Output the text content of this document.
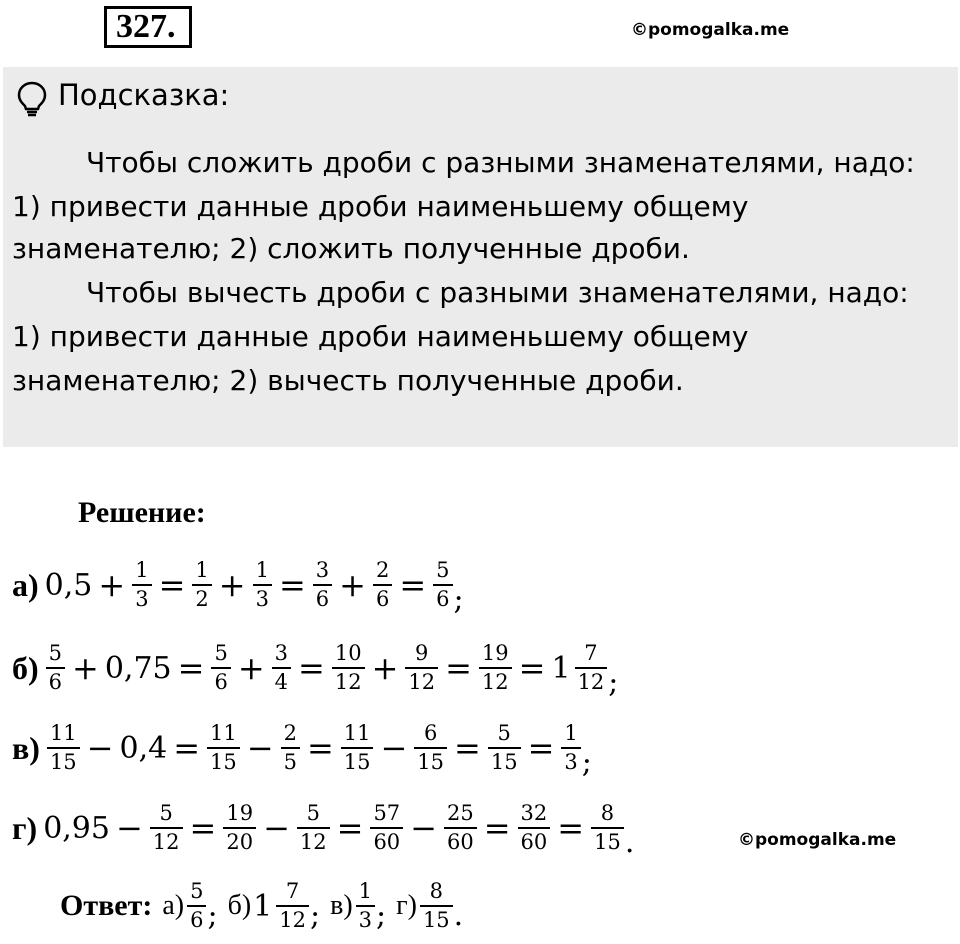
327.	©pomogalka.me
Подсказка:
Чтобы сложить дроби с разными знаменателями, надо:
1) привести данные дроби наименьшему общему
знаменателю; 2) сложить полученные дроби.
Чтобы вычесть дроби с разными знаменателями, надо:
1) привести данные дроби наименьшему общему
знаменателю; 2) вычесть полученные дроби.
Решение:
а) $0,5 + \frac{1}{3} = \frac{1}{2} + \frac{1}{3} = \frac{3}{6} + \frac{2}{6} = \frac{5}{6}$ ;
$б) \frac{5}{6} + 0,75 = \frac{5}{6} + \frac{3}{4} = \frac{10}{12} + \frac{9}{12} = \frac{19}{12} = 1 \frac{7}{12}$ ;
$в) \frac{11}{15} - 0,4 = \frac{11}{15} - \frac{2}{5} = \frac{11}{15} - \frac{6}{15} = \frac{5}{15} = \frac{1}{3}$ ;
г) $0,95 - \frac{5}{12} = \frac{19}{20} - \frac{5}{12} = \frac{57}{60} - \frac{25}{60} = \frac{32}{60} = \frac{8}{15}$ .	©pomogalka.me
Ответ: $а) \frac{5}{6}$ ; б) $1 \frac{7}{12}$ ; $в) \frac{1}{3}$ ; $г) \frac{8}{15}$ .
